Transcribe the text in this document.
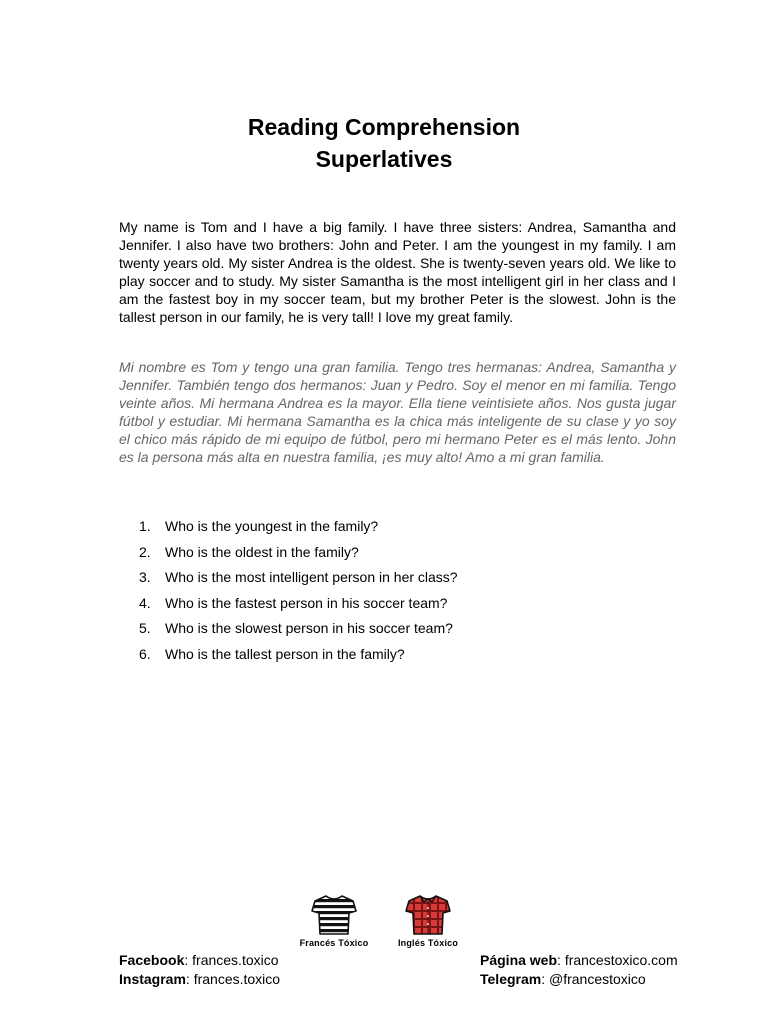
Reading Comprehension
Superlatives

My name is Tom and I have a big family. I have three sisters: Andrea, Samantha and Jennifer. I also have two brothers: John and Peter. I am the youngest in my family. I am twenty years old. My sister Andrea is the oldest. She is twenty-seven years old. We like to play soccer and to study. My sister Samantha is the most intelligent girl in her class and I am the fastest boy in my soccer team, but my brother Peter is the slowest. John is the tallest person in our family, he is very tall! I love my great family.

Mi nombre es Tom y tengo una gran familia. Tengo tres hermanas: Andrea, Samantha y Jennifer. También tengo dos hermanos: Juan y Pedro. Soy el menor en mi familia. Tengo veinte años. Mi hermana Andrea es la mayor. Ella tiene veintisiete años. Nos gusta jugar fútbol y estudiar. Mi hermana Samantha es la chica más inteligente de su clase y yo soy el chico más rápido de mi equipo de fútbol, pero mi hermano Peter es el más lento. John es la persona más alta en nuestra familia, ¡es muy alto! Amo a mi gran familia.

1.	Who is the youngest in the family?
2.	Who is the oldest in the family?
3.	Who is the most intelligent person in her class?
4.	Who is the fastest person in his soccer team?
5.	Who is the slowest person in his soccer team?
6.	Who is the tallest person in the family?
Francés Tóxico	Inglés Tóxico
Facebook: frances.toxico
Instagram: frances.toxico
Página web: francestoxico.com
Telegram: @francestoxico
